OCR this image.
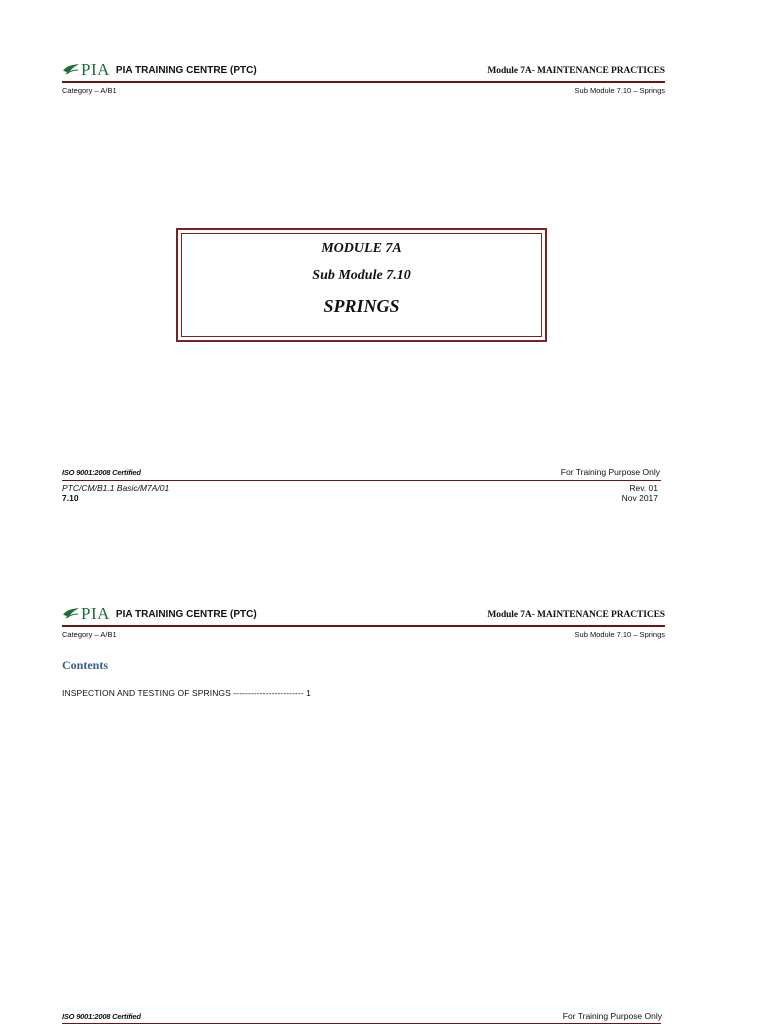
PIA PIA TRAINING CENTRE (PTC)	Module 7A- MAINTENANCE PRACTICES
Category – A/B1	Sub Module 7.10 – Springs
MODULE 7A
Sub Module 7.10
SPRINGS
ISO 9001:2008 Certified	For Training Purpose Only
PTC/CM/B1.1 Basic/M7A/01
7.10
Rev. 01
Nov 2017
PIA PIA TRAINING CENTRE (PTC)	Module 7A- MAINTENANCE PRACTICES
Category – A/B1	Sub Module 7.10 – Springs
Contents
INSPECTION AND TESTING OF SPRINGS ------------------------ 1
ISO 9001:2008 Certified	For Training Purpose Only
